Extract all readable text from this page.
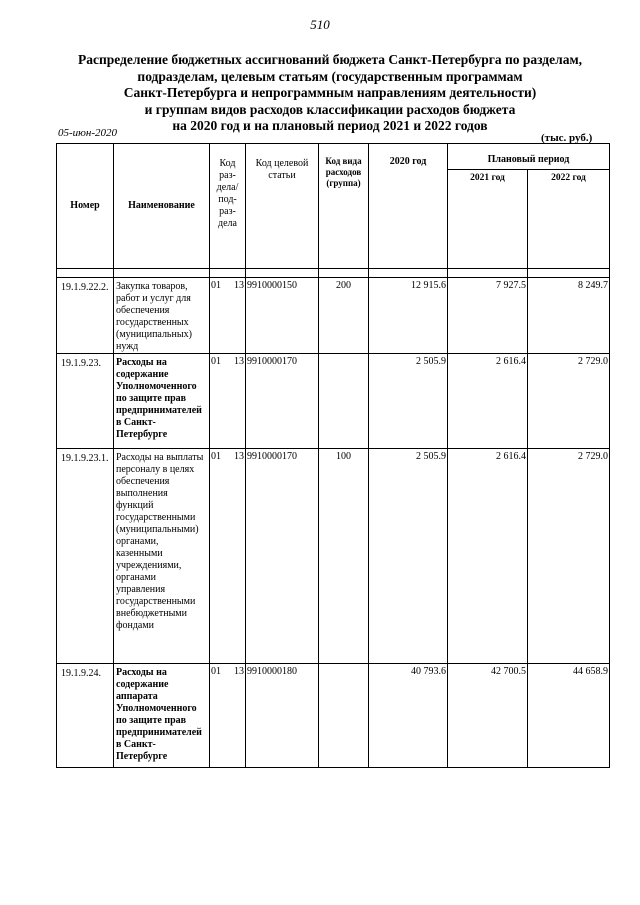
510
Распределение бюджетных ассигнований бюджета Санкт-Петербурга по разделам,
подразделам, целевым статьям (государственным программам
Санкт-Петербурга и непрограммным направлениям деятельности)
и группам видов расходов классификации расходов бюджета
на 2020 год и на плановый период 2021 и 2022 годов
05-июн-2020	(тыс. руб.)
Номер	Наименование	Код раз-дела/ под-раз-дела		Код целевой статьи	Код вида расходов (группа)	2020 год	Плановый период	
							2021 год	2022 год

19.1.9.22.2.	Закупка товаров, работ и услуг для обеспечения государственных (муниципальных) нужд	01	13	9910000150	200	12 915.6	7 927.5	8 249.7
19.1.9.23.	Расходы на содержание Уполномоченного по защите прав предпринимателей в Санкт-Петербурге	01	13	9910000170		2 505.9	2 616.4	2 729.0
19.1.9.23.1.	Расходы на выплаты персоналу в целях обеспечения выполнения функций государственными (муниципальными) органами, казенными учреждениями, органами управления государственными внебюджетными фондами	01	13	9910000170	100	2 505.9	2 616.4	2 729.0
19.1.9.24.	Расходы на содержание аппарата Уполномоченного по защите прав предпринимателей в Санкт-Петербурге	01	13	9910000180		40 793.6	42 700.5	44 658.9
